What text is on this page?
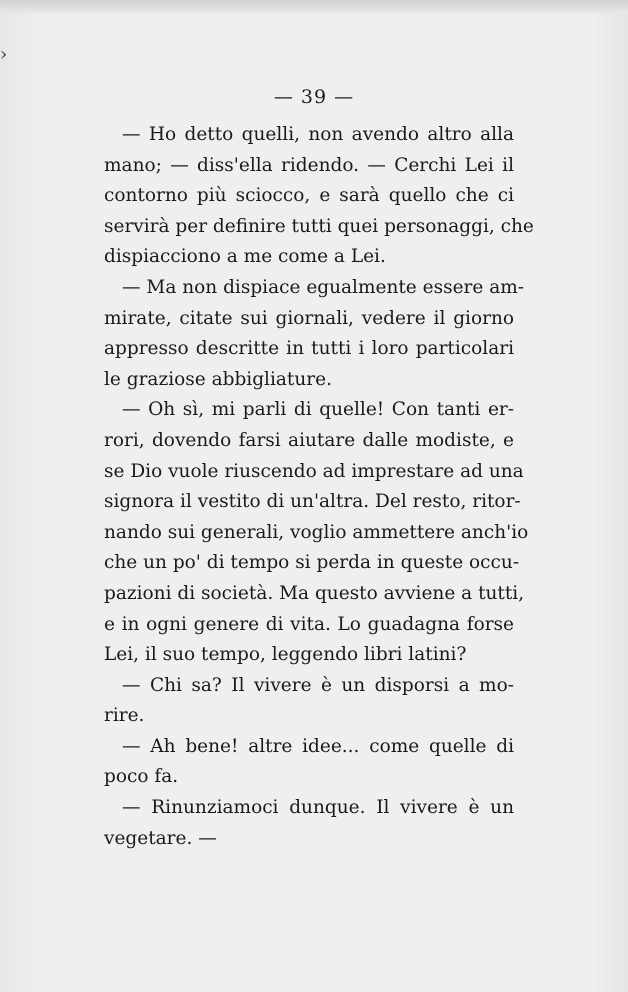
›
— 39 —
— Ho detto quelli, non avendo altro alla
mano; — diss'ella ridendo. — Cerchi Lei il
contorno più sciocco, e sarà quello che ci
servirà per definire tutti quei personaggi, che
dispiacciono a me come a Lei.
— Ma non dispiace egualmente essere am-
mirate, citate sui giornali, vedere il giorno
appresso descritte in tutti i loro particolari
le graziose abbigliature.
— Oh sì, mi parli di quelle! Con tanti er-
rori, dovendo farsi aiutare dalle modiste, e
se Dio vuole riuscendo ad imprestare ad una
signora il vestito di un'altra. Del resto, ritor-
nando sui generali, voglio ammettere anch'io
che un po' di tempo si perda in queste occu-
pazioni di società. Ma questo avviene a tutti,
e in ogni genere di vita. Lo guadagna forse
Lei, il suo tempo, leggendo libri latini?
— Chi sa? Il vivere è un disporsi a mo-
rire.
— Ah bene! altre idee... come quelle di
poco fa.
— Rinunziamoci dunque. Il vivere è un
vegetare. —
